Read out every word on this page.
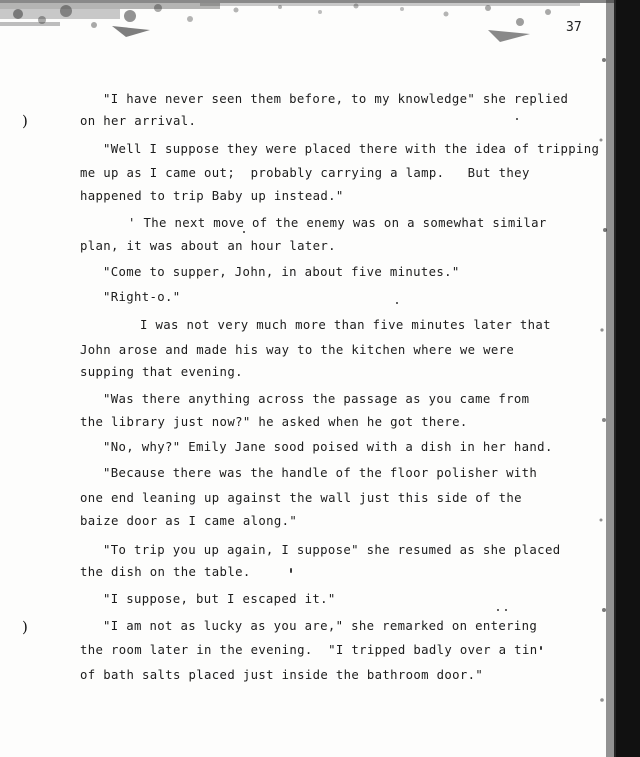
37
)
)
"I have never seen them before, to my knowledge" she replied
on her arrival.
"Well I suppose they were placed there with the idea of tripping
me up as I came out;  probably carrying a lamp.   But they
happened to trip Baby up instead."
' The next move of the enemy was on a somewhat similar
plan, it was about an hour later.
"Come to supper, John, in about five minutes."
"Right-o."
I was not very much more than five minutes later that
John arose and made his way to the kitchen where we were
supping that evening.
"Was there anything across the passage as you came from
the library just now?" he asked when he got there.
"No, why?" Emily Jane sood poised with a dish in her hand.
"Because there was the handle of the floor polisher with
one end leaning up against the wall just this side of the
baize door as I came along."
"To trip you up again, I suppose" she resumed as she placed
the dish on the table.
"I suppose, but I escaped it."
"I am not as lucky as you are," she remarked on entering
the room later in the evening.  "I tripped badly over a tin
of bath salts placed just inside the bathroom door."
